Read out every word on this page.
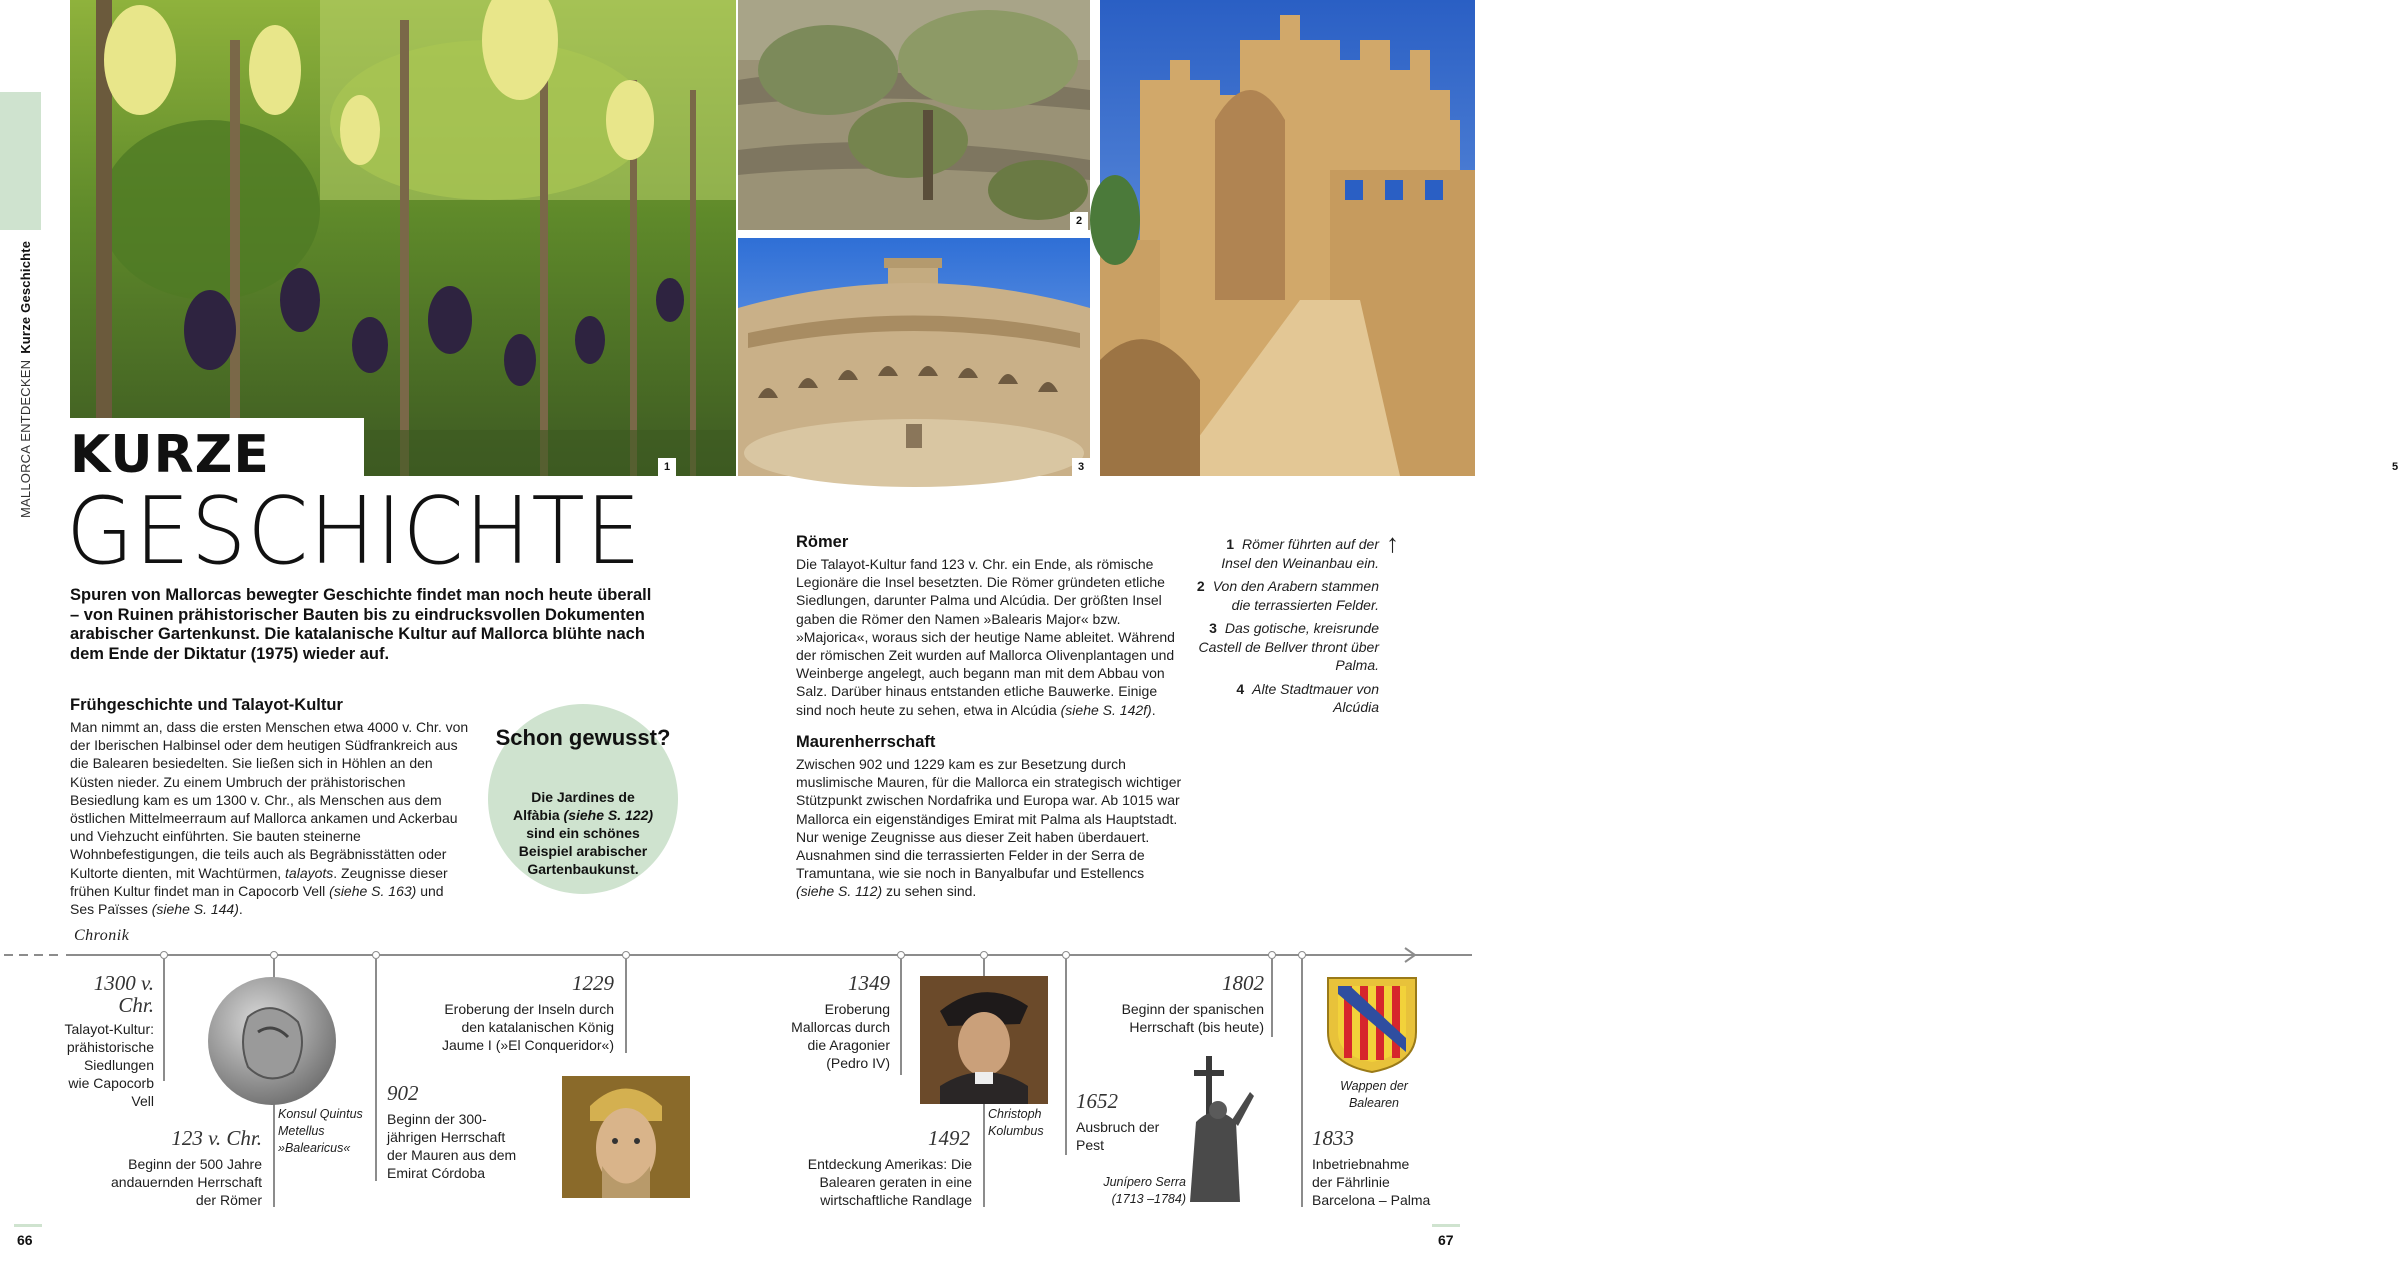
MALLORCA ENTDECKENKurze Geschichte
1
2
3	5
KURZE
GESCHICHTE
Spuren von Mallorcas bewegter Geschichte findet man noch heute überall – von Ruinen prähistorischer Bauten bis zu eindrucksvollen Dokumenten arabischer Gartenkunst. Die katalanische Kultur auf Mallorca blühte nach dem Ende der Diktatur (1975) wieder auf.
Frühgeschichte und Talayot-Kultur
Man nimmt an, dass die ersten Menschen etwa 4000 v. Chr. von der Iberischen Halbinsel oder dem heutigen Südfrankreich aus die Balearen besiedelten. Sie ließen sich in Höhlen an den Küsten nieder. Zu einem Umbruch der prähistorischen Besiedlung kam es um 1300 v. Chr., als Menschen aus dem östlichen Mittelmeerraum auf Mallorca ankamen und Ackerbau und Viehzucht einführten. Sie bauten steinerne Wohnbefestigungen, die teils auch als Begräbnisstätten oder Kultorte dienten, mit Wachtürmen, talayots. Zeugnisse dieser frühen Kultur findet man in Capocorb Vell (siehe S. 163) und Ses Païsses (siehe S. 144).
Schon gewusst?
Die Jardines de Alfàbia (siehe S. 122) sind ein schönes Beispiel arabischer Gartenbaukunst.
Römer
Die Talayot-Kultur fand 123 v. Chr. ein Ende, als römische Legionäre die Insel besetzten. Die Römer gründeten etliche Siedlungen, darunter Palma und Alcúdia. Der größten Insel gaben die Römer den Namen »Balearis Major« bzw. »Majorica«, woraus sich der heutige Name ableitet. Während der römischen Zeit wurden auf Mallorca Olivenplantagen und Weinberge angelegt, auch begann man mit dem Abbau von Salz. Darüber hinaus entstanden etliche Bauwerke. Einige sind noch heute zu sehen, etwa in Alcúdia (siehe S. 142f).
Maurenherrschaft
Zwischen 902 und 1229 kam es zur Besetzung durch muslimische Mauren, für die Mallorca ein strategisch wichtiger Stützpunkt zwischen Nordafrika und Europa war. Ab 1015 war Mallorca ein eigenständiges Emirat mit Palma als Hauptstadt. Nur wenige Zeugnisse aus dieser Zeit haben überdauert. Ausnahmen sind die terrassierten Felder in der Serra de Tramuntana, wie sie noch in Banyalbufar und Estellencs (siehe S. 112) zu sehen sind.
1 Römer führten auf der Insel den Weinanbau ein.
2 Von den Arabern stammen die terrassierten Felder.
3 Das gotische, kreisrunde Castell de Bellver thront über Palma.
4 Alte Stadtmauer von Alcúdia
↑
Chronik
1300 v. Chr.
Talayot-Kultur: prähistorische Siedlungen wie Capocorb Vell
Konsul Quintus Metellus »Balearicus«
123 v. Chr.
Beginn der 500 Jahre andauernden Herrschaft der Römer
902
Beginn der 300-jährigen Herrschaft der Mauren aus dem Emirat Córdoba
1229
Eroberung der Inseln durch den katalanischen König Jaume I (»El Conqueridor«)
1349
Eroberung Mallorcas durch die Aragonier (Pedro IV)
Christoph Kolumbus
1492
Entdeckung Amerikas: Die Balearen geraten in eine wirtschaftliche Randlage
1652
Ausbruch der Pest
Junípero Serra (1713 –1784)
1802
Beginn der spanischen Herrschaft (bis heute)
Wappen der Balearen
1833
Inbetriebnahme der Fährlinie Barcelona – Palma
66	67
